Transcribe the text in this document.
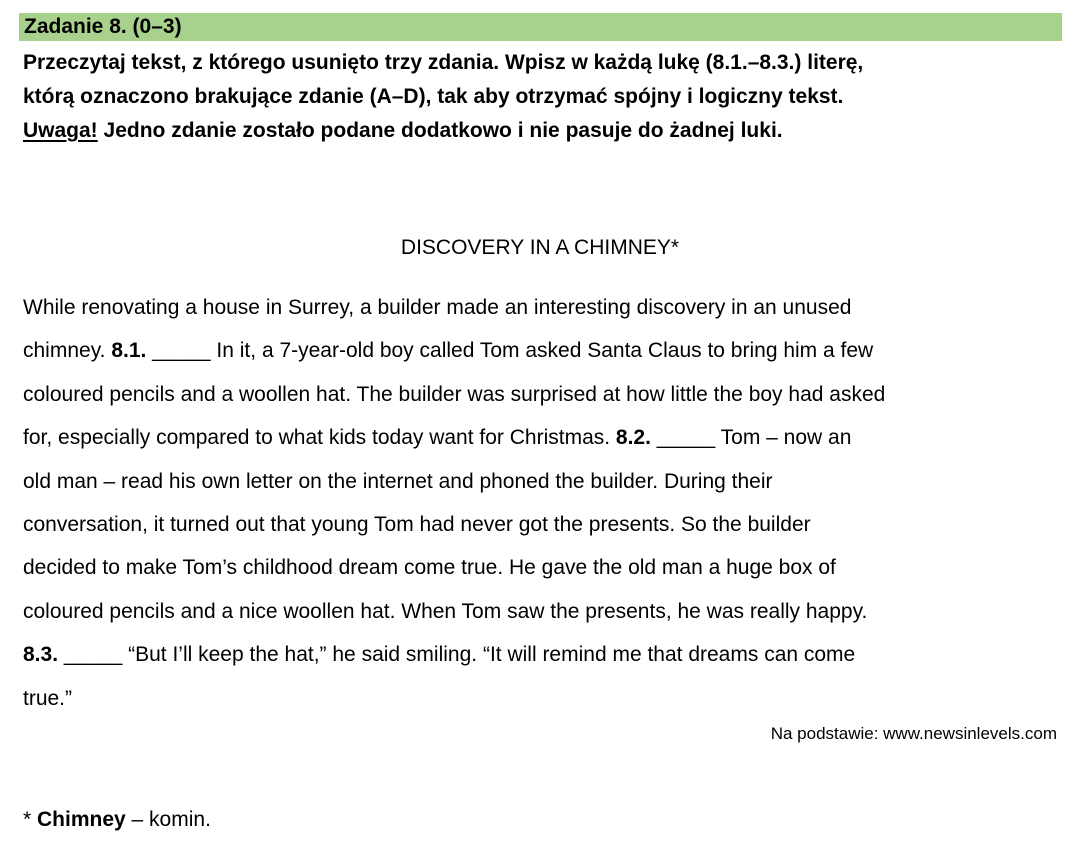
Zadanie 8. (0–3)
Przeczytaj tekst, z którego usunięto trzy zdania. Wpisz w każdą lukę (8.1.–8.3.) literę,
którą oznaczono brakujące zdanie (A–D), tak aby otrzymać spójny i logiczny tekst.
Uwaga! Jedno zdanie zostało podane dodatkowo i nie pasuje do żadnej luki.
DISCOVERY IN A CHIMNEY*
While renovating a house in Surrey, a builder made an interesting discovery in an unused
chimney. 8.1. _____ In it, a 7-year-old boy called Tom asked Santa Claus to bring him a few
coloured pencils and a woollen hat. The builder was surprised at how little the boy had asked
for, especially compared to what kids today want for Christmas. 8.2. _____ Tom – now an
old man – read his own letter on the internet and phoned the builder. During their
conversation, it turned out that young Tom had never got the presents. So the builder
decided to make Tom’s childhood dream come true. He gave the old man a huge box of
coloured pencils and a nice woollen hat. When Tom saw the presents, he was really happy.
8.3. _____ “But I’ll keep the hat,” he said smiling. “It will remind me that dreams can come
true.”
Na podstawie: www.newsinlevels.com
* Chimney – komin.
